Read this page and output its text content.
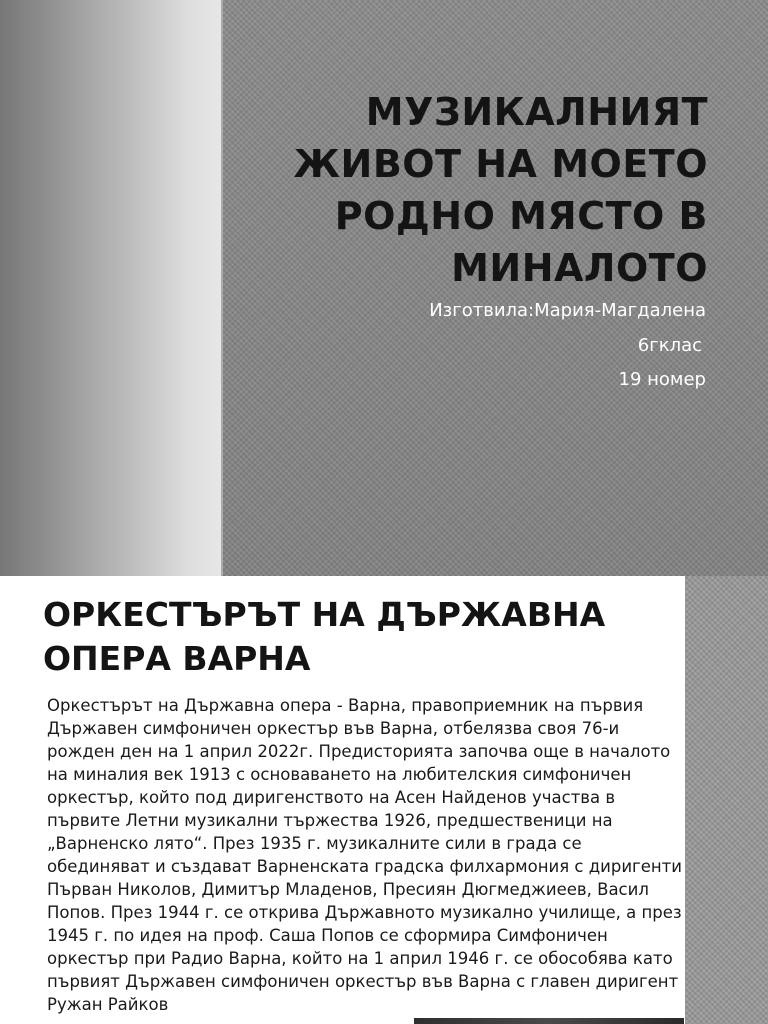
МУЗИКАЛНИЯТ ЖИВОТ НА МОЕТО РОДНО МЯСТО В МИНАЛОТО

Изготвила:Мария-Магдалена

6гклас

19 номер

ОРКЕСТЪРЪТ НА ДЪРЖАВНА ОПЕРА ВАРНА

Оркестърът на Държавна опера - Варна, правоприемник на първия Държавен симфоничен оркестър във Варна, отбелязва своя 76-и рожден ден на 1 април 2022г. Предисторията започва още в началото на миналия век 1913 с основаването на любителския симфоничен оркестър, който под диригенството на Асен Найденов участва в първите Летни музикални тържества 1926, предшественици на „Варненско лято“. През 1935 г. музикалните сили в града се обединяват и създават Варненската градска филхармония с диригенти Първан Николов, Димитър Младенов, Пресиян Дюгмеджиеев, Васил Попов. През 1944 г. се открива Държавното музикално училище, а през 1945 г. по идея на проф. Саша Попов се сформира Симфоничен оркестър при Радио Варна, който на 1 април 1946 г. се обособява като първият Държавен симфоничен оркестър във Варна с главен диригент Ружан Райков
